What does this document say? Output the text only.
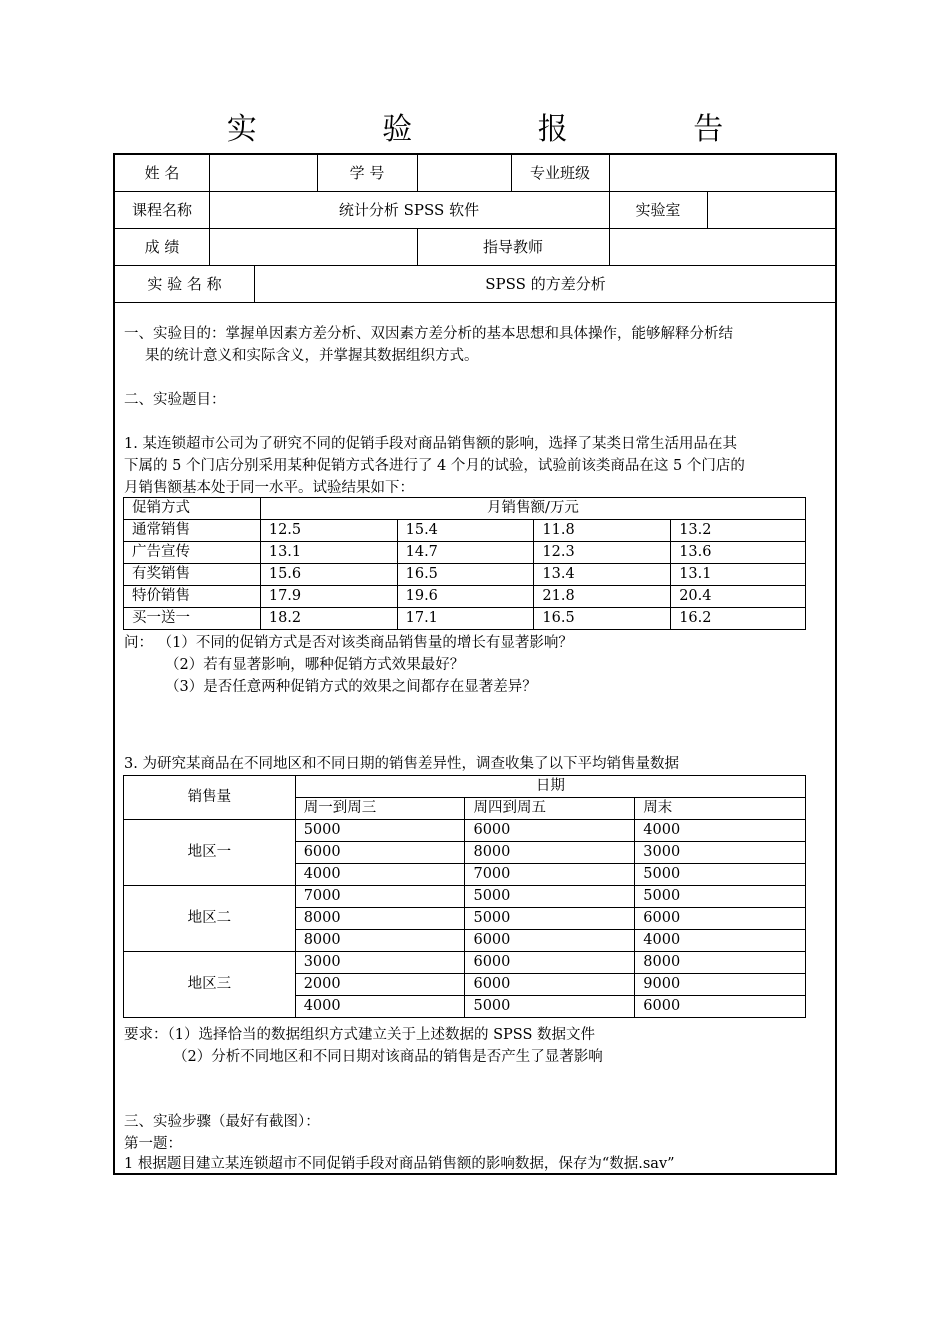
实 验 报 告
姓 名	学 号	专业班级
课程名称	统计分析 SPSS 软件	实验室
成 绩	指导教师
实 验 名 称	SPSS 的方差分析
一、实验目的：掌握单因素方差分析、双因素方差分析的基本思想和具体操作，能够解释分析结
果的统计意义和实际含义，并掌握其数据组织方式。
二、实验题目：
1. 某连锁超市公司为了研究不同的促销手段对商品销售额的影响，选择了某类日常生活用品在其
下属的 5 个门店分别采用某种促销方式各进行了 4 个月的试验，试验前该类商品在这 5 个门店的
月销售额基本处于同一水平。试验结果如下：
促销方式	月销售额/万元			
通常销售	12.5	15.4	11.8	13.2
广告宣传	13.1	14.7	12.3	13.6
有奖销售	15.6	16.5	13.4	13.1
特价销售	17.9	19.6	21.8	20.4
买一送一	18.2	17.1	16.5	16.2
问： （1）不同的促销方式是否对该类商品销售量的增长有显著影响？
（2）若有显著影响，哪种促销方式效果最好？
（3）是否任意两种促销方式的效果之间都存在显著差异？
3. 为研究某商品在不同地区和不同日期的销售差异性，调查收集了以下平均销售量数据
销售量	日期		
	周一到周三	周四到周五	周末
地区一	5000	6000	4000
	6000	8000	3000
	4000	7000	5000
地区二	7000	5000	5000
	8000	5000	6000
	8000	6000	4000
地区三	3000	6000	8000
	2000	6000	9000
	4000	5000	6000
要求：（1）选择恰当的数据组织方式建立关于上述数据的 SPSS 数据文件
（2）分析不同地区和不同日期对该商品的销售是否产生了显著影响
三、实验步骤（最好有截图）：
第一题：
1 根据题目建立某连锁超市不同促销手段对商品销售额的影响数据，保存为“数据.sav”
